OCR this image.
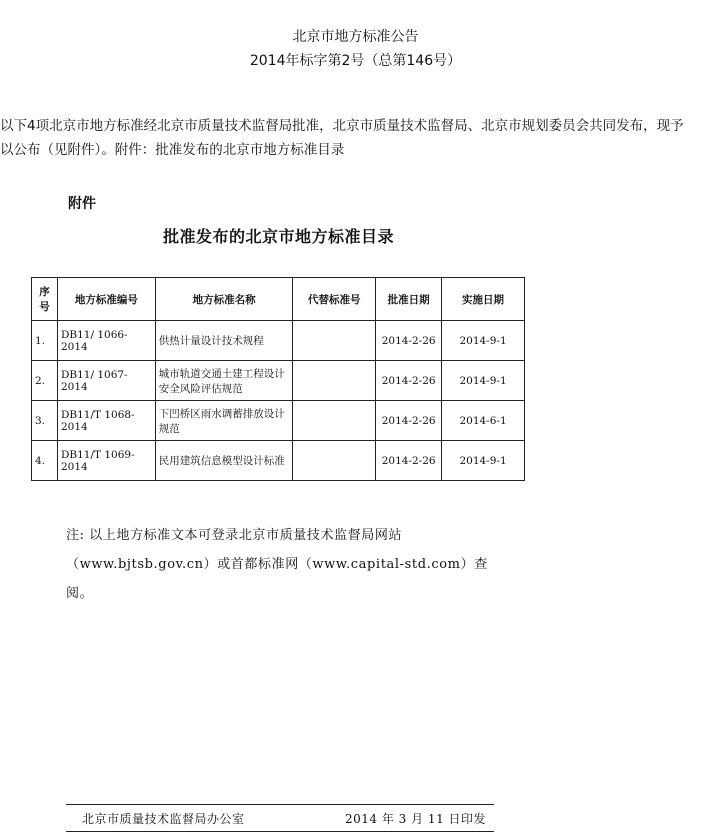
北京市地方标准公告
2014年标字第2号（总第146号）
以下4项北京市地方标准经北京市质量技术监督局批准，北京市质量技术监督局、北京市规划委员会共同发布，现予
以公布（见附件）。附件：批准发布的北京市地方标准目录
附件
批准发布的北京市地方标准目录
序号	地方标准编号	地方标准名称	代替标准号	批准日期	实施日期
1.	DB11/ 1066-2014	供热计量设计技术规程		2014-2-26	2014-9-1
2.	DB11/ 1067-2014	城市轨道交通土建工程设计安全风险评估规范		2014-2-26	2014-9-1
3.	DB11/T 1068-2014	下凹桥区雨水调蓄排放设计规范		2014-2-26	2014-6-1
4.	DB11/T 1069-2014	民用建筑信息模型设计标准		2014-2-26	2014-9-1
注: 以上地方标准文本可登录北京市质量技术监督局网站
（www.bjtsb.gov.cn）或首都标准网（www.capital-std.com）查
阅。
北京市质量技术监督局办公室	2014 年 3 月 11 日印发
